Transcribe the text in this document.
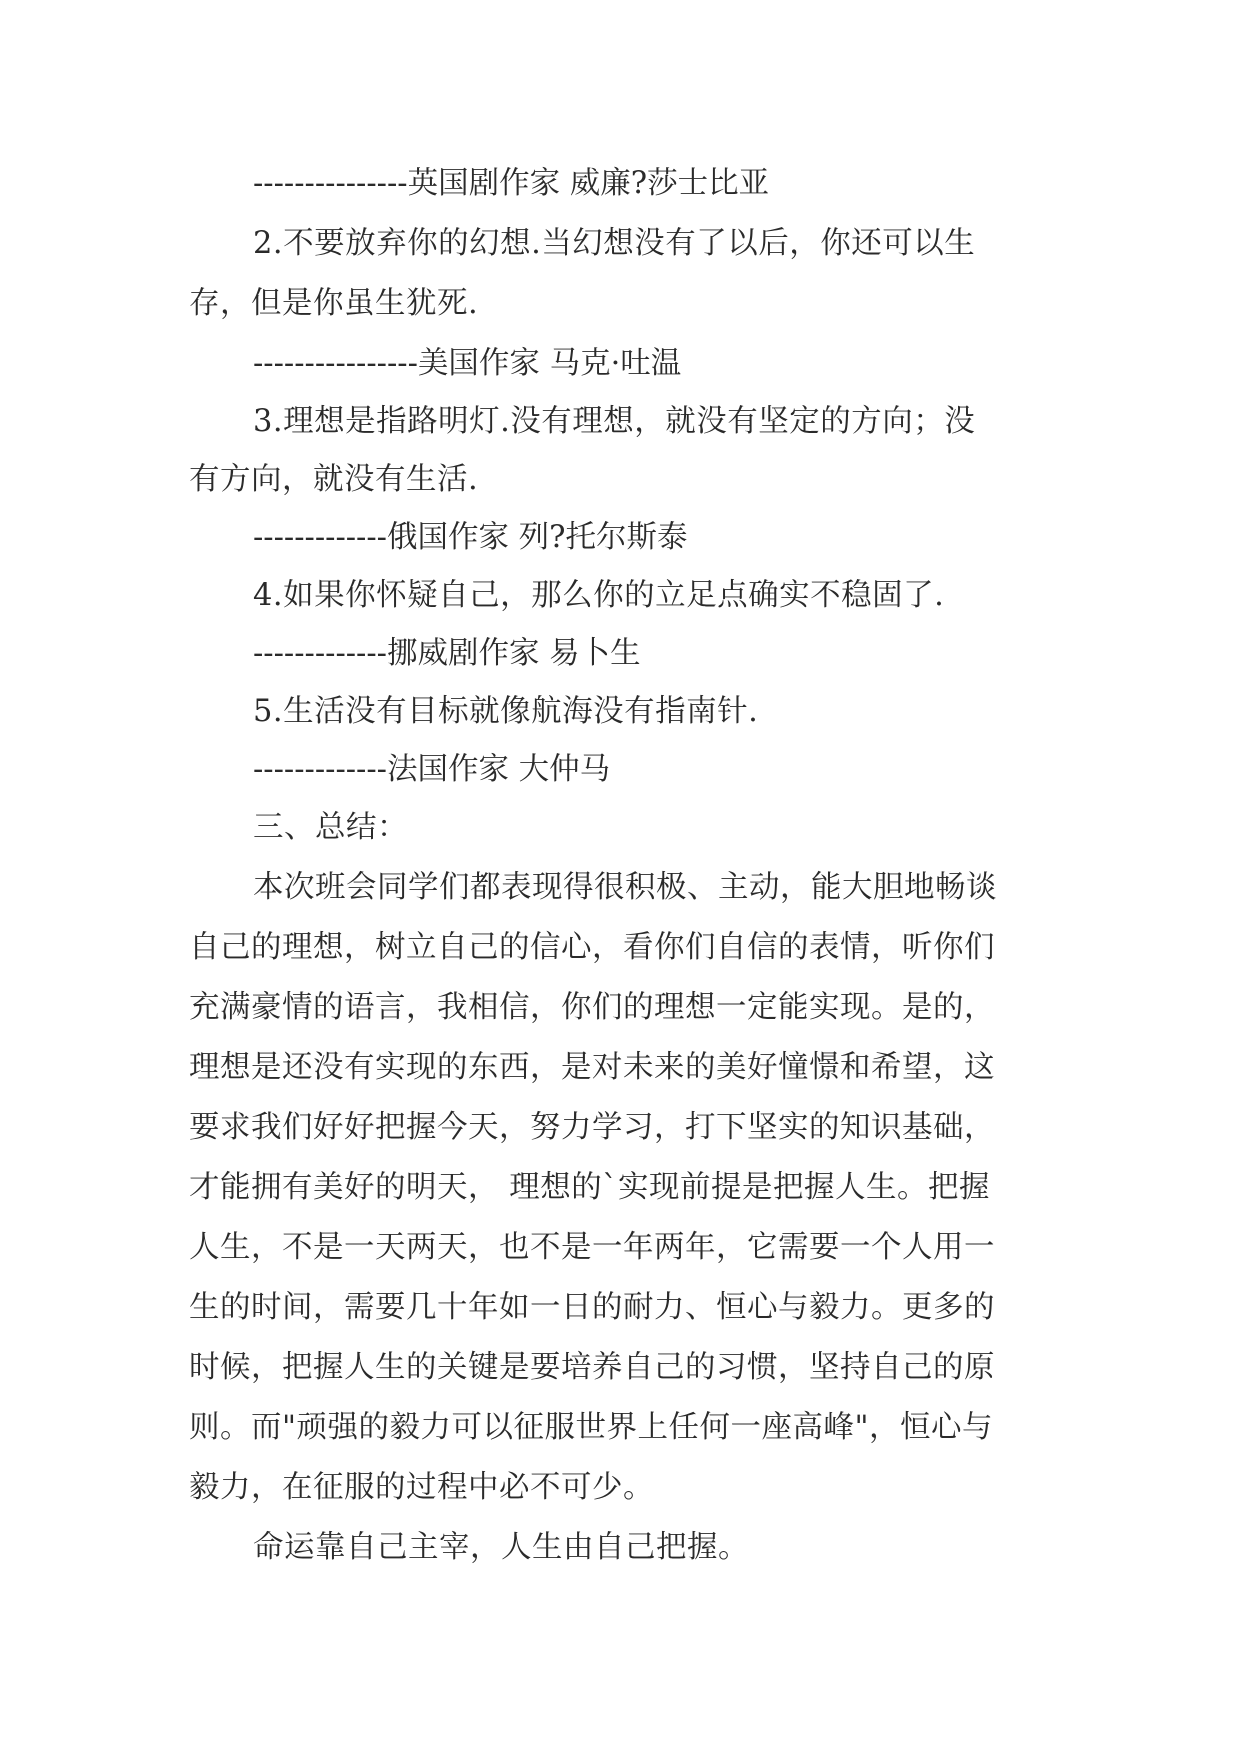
---------------英国剧作家 威廉?莎士比亚
2.不要放弃你的幻想.当幻想没有了以后，你还可以生
存，但是你虽生犹死.
----------------美国作家 马克·吐温
3.理想是指路明灯.没有理想，就没有坚定的方向；没
有方向，就没有生活.
-------------俄国作家 列?托尔斯泰
4.如果你怀疑自己，那么你的立足点确实不稳固了.
-------------挪威剧作家 易卜生
5.生活没有目标就像航海没有指南针.
-------------法国作家 大仲马
三、总结：
本次班会同学们都表现得很积极、主动，能大胆地畅谈
自己的理想，树立自己的信心，看你们自信的表情，听你们
充满豪情的语言，我相信，你们的理想一定能实现。是的，
理想是还没有实现的东西，是对未来的美好憧憬和希望，这
要求我们好好把握今天，努力学习，打下坚实的知识基础，
才能拥有美好的明天， 理想的`实现前提是把握人生。把握
人生，不是一天两天，也不是一年两年，它需要一个人用一
生的时间，需要几十年如一日的耐力、恒心与毅力。更多的
时候，把握人生的关键是要培养自己的习惯，坚持自己的原
则。而"顽强的毅力可以征服世界上任何一座高峰"，恒心与
毅力，在征服的过程中必不可少。
命运靠自己主宰，人生由自己把握。
